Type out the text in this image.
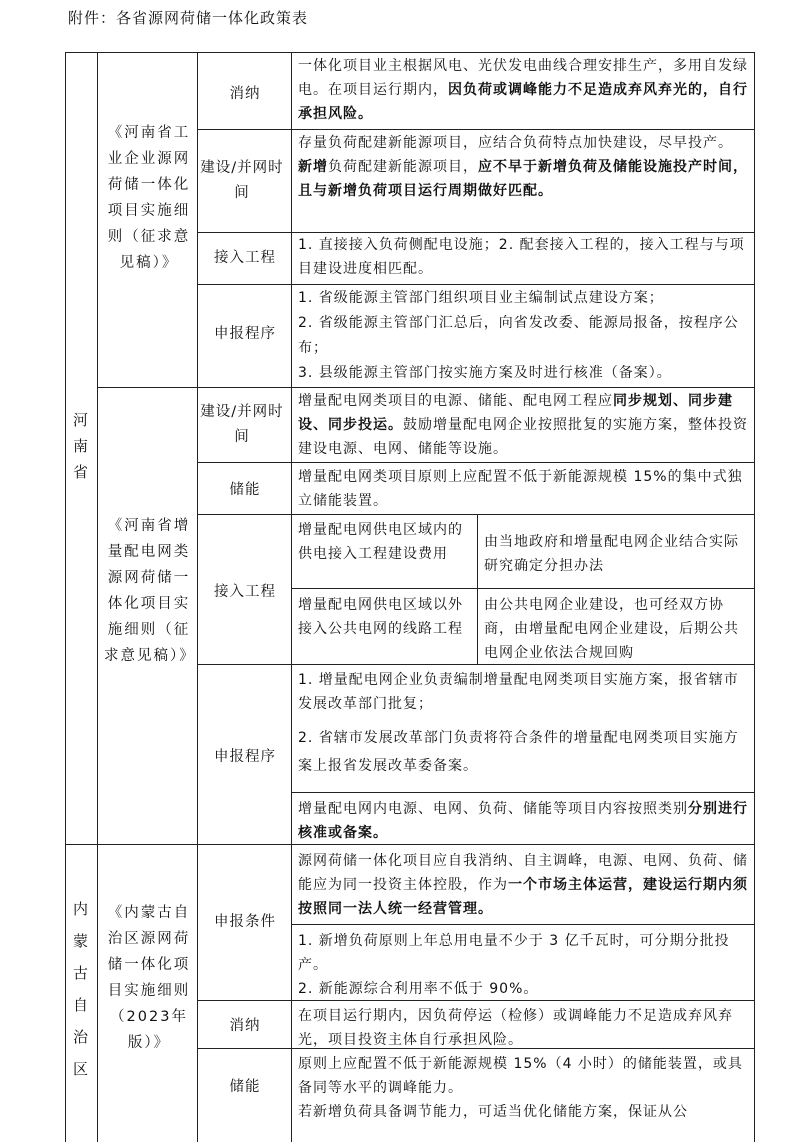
附件：各省源网荷储一体化政策表
河南省
内蒙古自治区
《河南省工业企业源网荷储一体化项目实施细则（征求意见稿）》
《河南省增量配电网类源网荷储一体化项目实施细则（征求意见稿）》
《内蒙古自治区源网荷储一体化项目实施细则（2023年版）》
消纳
建设/并网时间
接入工程
申报程序
建设/并网时间
储能
接入工程
申报程序
申报条件
消纳
储能
一体化项目业主根据风电、光伏发电曲线合理安排生产，多用自发绿电。在项目运行期内，因负荷或调峰能力不足造成弃风弃光的，自行承担风险。
存量负荷配建新能源项目，应结合负荷特点加快建设，尽早投产。
新增负荷配建新能源项目，应不早于新增负荷及储能设施投产时间，且与新增负荷项目运行周期做好匹配。
1. 直接接入负荷侧配电设施；2. 配套接入工程的，接入工程与与项目建设进度相匹配。
1. 省级能源主管部门组织项目业主编制试点建设方案；
2. 省级能源主管部门汇总后，向省发改委、能源局报备，按程序公布；
3. 县级能源主管部门按实施方案及时进行核准（备案）。
增量配电网类项目的电源、储能、配电网工程应同步规划、同步建设、同步投运。鼓励增量配电网企业按照批复的实施方案，整体投资建设电源、电网、储能等设施。
增量配电网类项目原则上应配置不低于新能源规模 15%的集中式独立储能装置。
增量配电网供电区域内的供电接入工程建设费用
由当地政府和增量配电网企业结合实际研究确定分担办法
增量配电网供电区域以外接入公共电网的线路工程
由公共电网企业建设，也可经双方协商，由增量配电网企业建设，后期公共电网企业依法合规回购
1. 增量配电网企业负责编制增量配电网类项目实施方案，报省辖市发展改革部门批复；
2. 省辖市发展改革部门负责将符合条件的增量配电网类项目实施方案上报省发展改革委备案。
增量配电网内电源、电网、负荷、储能等项目内容按照类别分别进行核准或备案。
源网荷储一体化项目应自我消纳、自主调峰，电源、电网、负荷、储能应为同一投资主体控股，作为一个市场主体运营，建设运行期内须按照同一法人统一经营管理。
1. 新增负荷原则上年总用电量不少于 3 亿千瓦时，可分期分批投产。
2. 新能源综合利用率不低于 90%。
在项目运行期内，因负荷停运（检修）或调峰能力不足造成弃风弃光，项目投资主体自行承担风险。
原则上应配置不低于新能源规模 15%（4 小时）的储能装置，或具备同等水平的调峰能力。
若新增负荷具备调节能力，可适当优化储能方案，保证从公
